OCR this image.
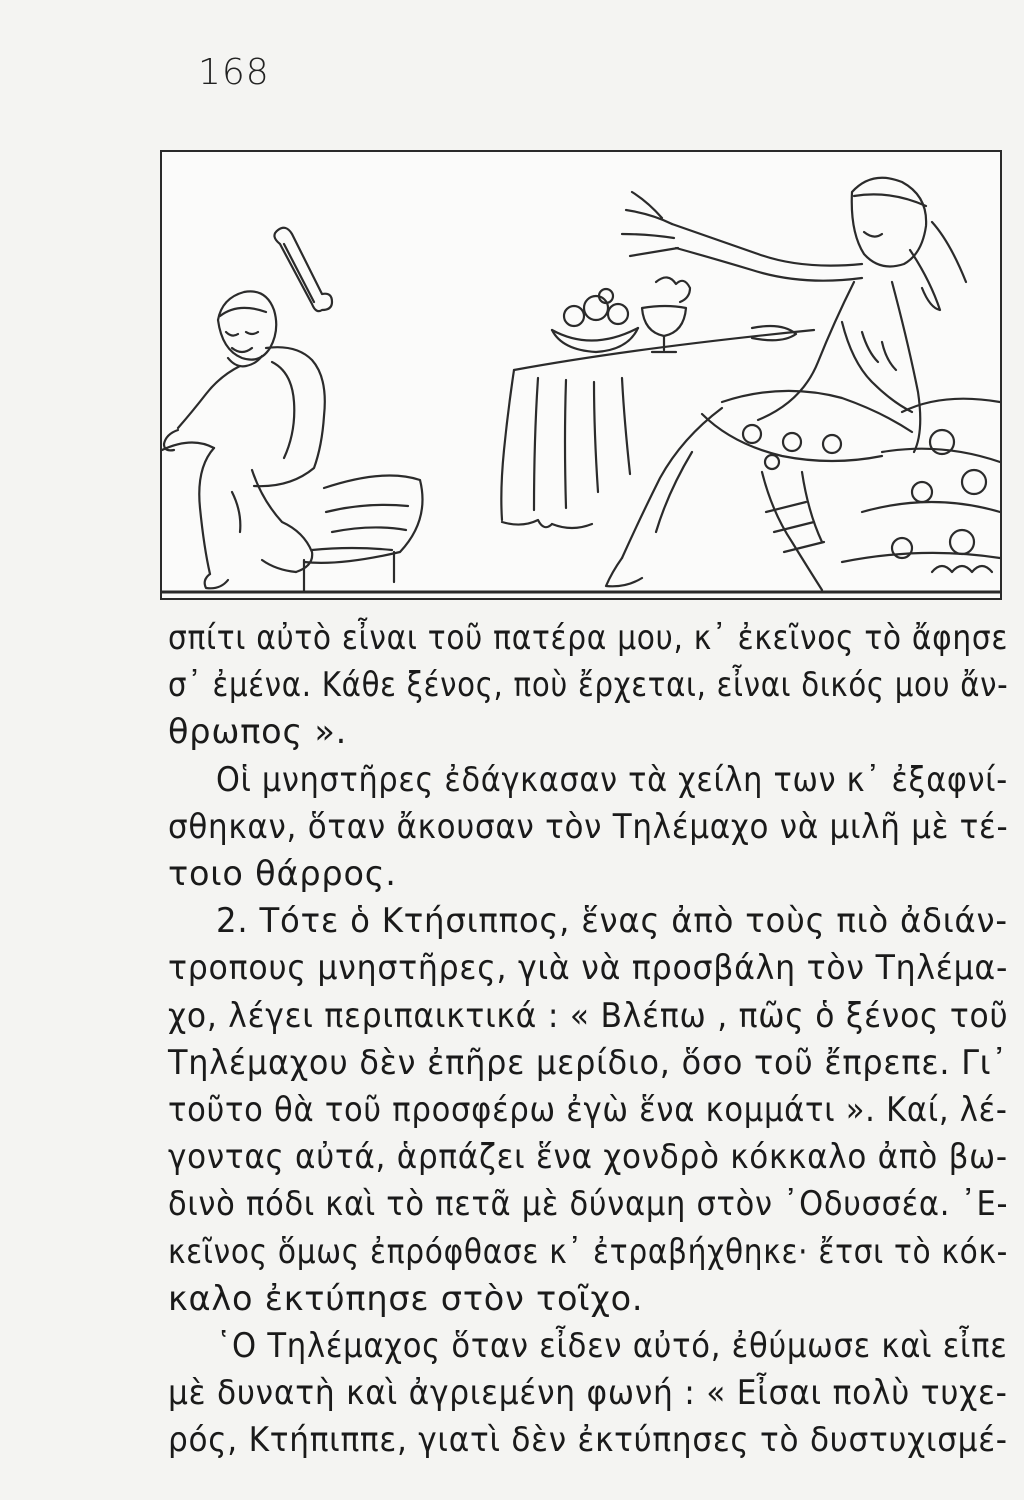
168
σπίτι αὐτὸ εἶναι τοῦ πατέρα μου, κ᾽ ἐκεῖνος τὸ ἄφησε
σ᾽ ἐμένα. Κάθε ξένος, ποὺ ἔρχεται, εἶναι δικός μου ἄν-
θρωπος ».
Οἱ μνηστῆρες ἐδάγκασαν τὰ χείλη των κ᾽ ἐξαφνί-
σθηκαν, ὅταν ἄκουσαν τὸν Τηλέμαχο νὰ μιλῆ μὲ τέ-
τοιο θάρρος.
2. Τότε ὁ Κτήσιππος, ἕνας ἀπὸ τοὺς πιὸ ἀδιάν-
τροπους μνηστῆρες, γιὰ νὰ προσβάλη τὸν Τηλέμα-
χο, λέγει περιπαικτικά : « Βλέπω , πῶς ὁ ξένος τοῦ
Τηλέμαχου δὲν ἐπῆρε μερίδιο, ὅσο τοῦ ἔπρεπε. Γι᾽
τοῦτο θὰ τοῦ προσφέρω ἐγὼ ἕνα κομμάτι ». Καί, λέ-
γοντας αὐτά, ἁρπάζει ἕνα χονδρὸ κόκκαλο ἀπὸ βω-
δινὸ πόδι καὶ τὸ πετᾶ μὲ δύναμη στὸν ᾽Οδυσσέα. ᾽Ε-
κεῖνος ὅμως ἐπρόφθασε κ᾽ ἐτραβήχθηκε· ἔτσι τὸ κόκ-
καλο ἐκτύπησε στὸν τοῖχο.
῾Ο Τηλέμαχος ὅταν εἶδεν αὐτό, ἐθύμωσε καὶ εἶπε
μὲ δυνατὴ καὶ ἀγριεμένη φωνή : « Εἶσαι πολὺ τυχε-
ρός, Κτήπιππε, γιατὶ δὲν ἐκτύπησες τὸ δυστυχισμέ-
